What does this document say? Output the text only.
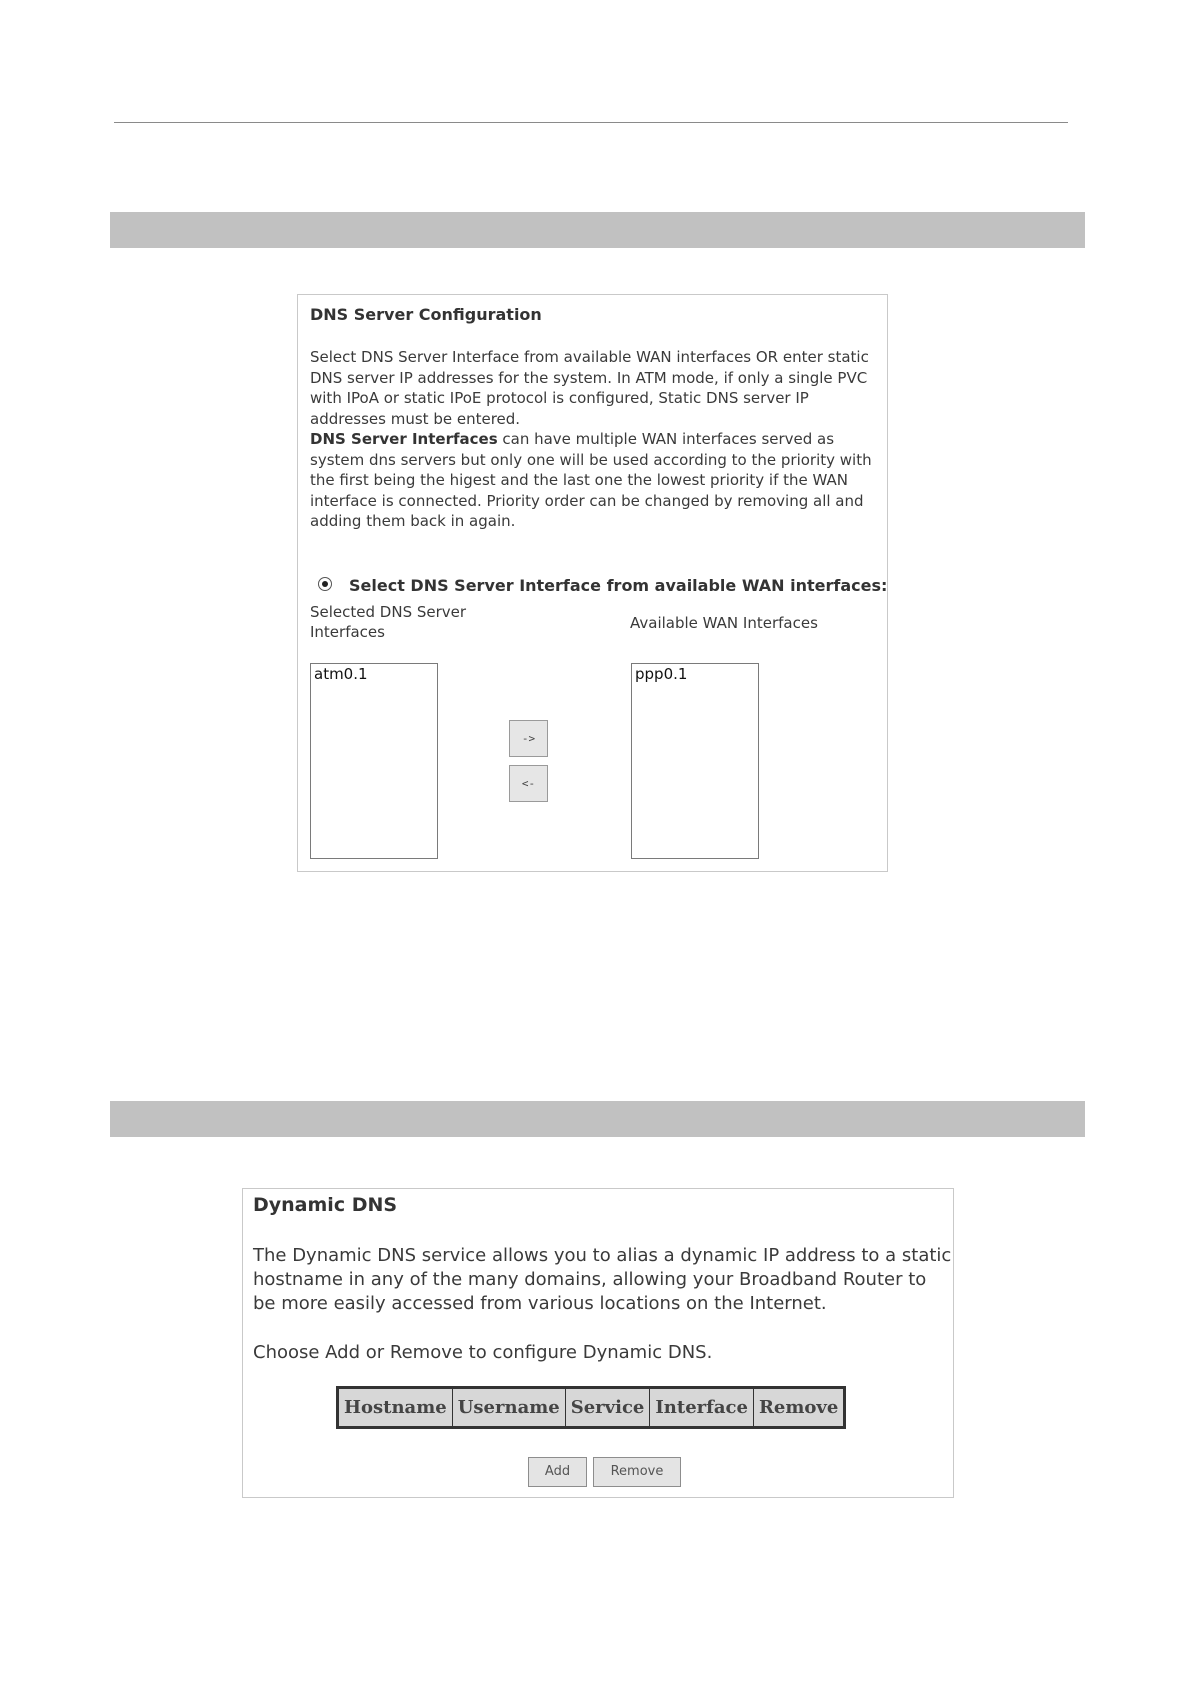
DNS Server Configuration
Select DNS Server Interface from available WAN interfaces OR enter static DNS server IP addresses for the system. In ATM mode, if only a single PVC with IPoA or static IPoE protocol is configured, Static DNS server IP addresses must be entered.
DNS Server Interfaces can have multiple WAN interfaces served as system dns servers but only one will be used according to the priority with the first being the higest and the last one the lowest priority if the WAN interface is connected. Priority order can be changed by removing all and adding them back in again.
Select DNS Server Interface from available WAN interfaces:
Selected DNS Server Interfaces	Available WAN Interfaces
atm0.1
->
<-
ppp0.1
Dynamic DNS
The Dynamic DNS service allows you to alias a dynamic IP address to a static hostname in any of the many domains, allowing your Broadband Router to be more easily accessed from various locations on the Internet.
Choose Add or Remove to configure Dynamic DNS.
Hostname	Username	Service	Interface	Remove
Add	Remove
